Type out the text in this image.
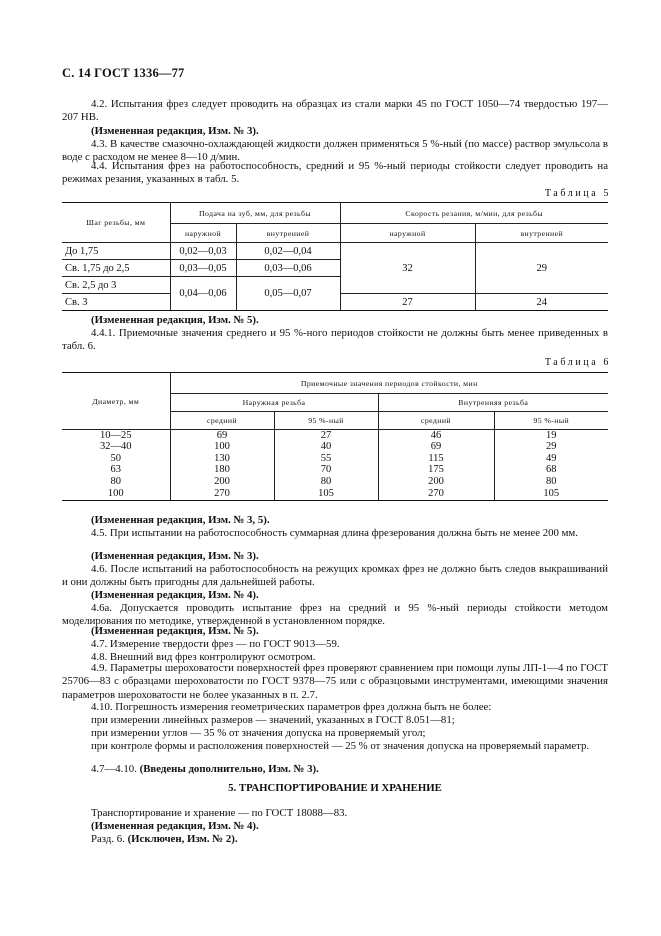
С. 14 ГОСТ 1336—77
4.2. Испытания фрез следует проводить на образцах из стали марки 45 по ГОСТ 1050—74 твердостью 197—207 НВ.
(Измененная редакция, Изм. № 3).
4.3. В качестве смазочно-охлаждающей жидкости должен применяться 5 %-ный (по массе) раствор эмульсола в воде с расходом не менее 8—10 д/мин.
4.4. Испытания фрез на работоспособность, средний и 95 %-ный периоды стойкости следует проводить на режимах резания, указанных в табл. 5.
Таблица 5
Шаг резьбы, мм	Подача на зуб, мм, для резьбы		Скорость резания, м/мин, для резьбы	
	наружной	внутренней	наружной	внутренней
До 1,75	0,02—0,03	0,02—0,04	32	29
Св. 1,75 до 2,5	0,03—0,05	0,03—0,06		
Св. 2,5 до 3	0,04—0,06	0,05—0,07		
Св. 3			27	24
(Измененная редакция, Изм. № 5).
4.4.1. Приемочные значения среднего и 95 %-ного периодов стойкости не должны быть менее приведенных в табл. 6.
Таблица 6
Диаметр, мм	Приемочные значения периодов стойкости, мин			
	Наружная резьба		Внутренняя резьба	
	средний	95 %-ный	средний	95 %-ный
10—25	69	27	46	19
32—40	100	40	69	29
50	130	55	115	49
63	180	70	175	68
80	200	80	200	80
100	270	105	270	105
(Измененная редакция, Изм. № 3, 5).
4.5. При испытании на работоспособность суммарная длина фрезерования должна быть не менее 200 мм.
(Измененная редакция, Изм. № 3).
4.6. После испытаний на работоспособность на режущих кромках фрез не должно быть следов выкрашиваний и они должны быть пригодны для дальнейшей работы.
(Измененная редакция, Изм. № 4).
4.6а. Допускается проводить испытание фрез на средний и 95 %-ный периоды стойкости методом моделирования по методике, утвержденной в установленном порядке.
(Измененная редакция, Изм. № 5).
4.7. Измерение твердости фрез — по ГОСТ 9013—59.
4.8. Внешний вид фрез контролируют осмотром.
4.9. Параметры шероховатости поверхностей фрез проверяют сравнением при помощи лупы ЛП-1—4 по ГОСТ 25706—83 с образцами шероховатости по ГОСТ 9378—75 или с образцовыми инструментами, имеющими значения параметров шероховатости не более указанных в п. 2.7.
4.10. Погрешность измерения геометрических параметров фрез должна быть не более:
при измерении линейных размеров — значений, указанных в ГОСТ 8.051—81;
при измерении углов — 35 % от значения допуска на проверяемый угол;
при контроле формы и расположения поверхностей — 25 % от значения допуска на проверяемый параметр.
4.7—4.10. (Введены дополнительно, Изм. № 3).
5. ТРАНСПОРТИРОВАНИЕ И ХРАНЕНИЕ
Транспортирование и хранение — по ГОСТ 18088—83.
(Измененная редакция, Изм. № 4).
Разд. 6. (Исключен, Изм. № 2).
